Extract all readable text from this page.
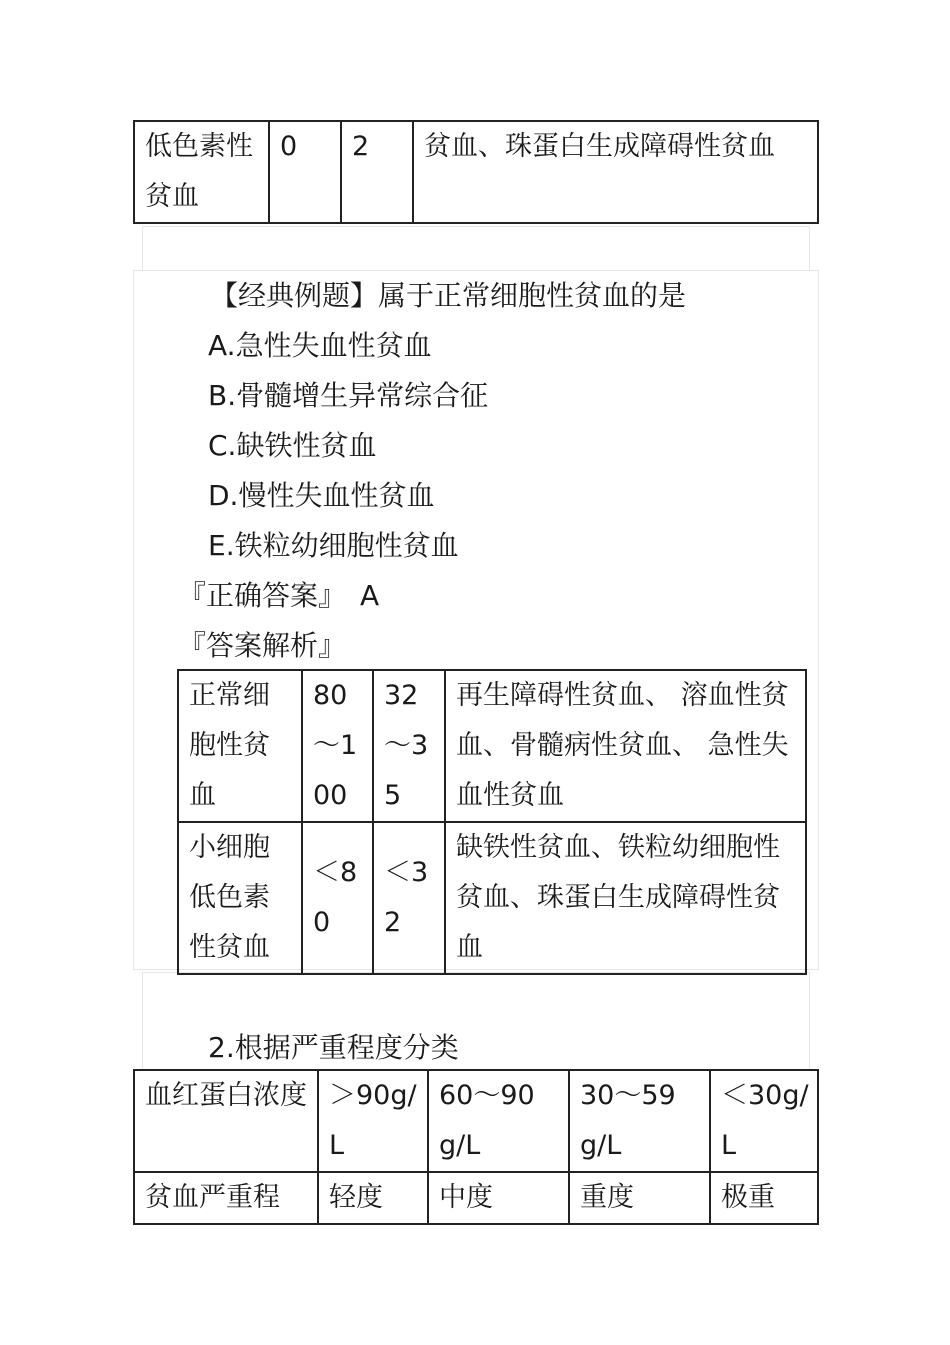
低色素性贫血	0	2	贫血、珠蛋白生成障碍性贫血
【经典例题】属于正常细胞性贫血的是
A.急性失血性贫血
B.骨髓增生异常综合征
C.缺铁性贫血
D.慢性失血性贫血
E.铁粒幼细胞性贫血
『正确答案』 A
『答案解析』
正常细胞性贫血	80～100	32～35	再生障碍性贫血、 溶血性贫血、骨髓病性贫血、 急性失血性贫血
小细胞低色素性贫血	＜80	＜32	缺铁性贫血、铁粒幼细胞性贫血、珠蛋白生成障碍性贫血
2.根据严重程度分类
血红蛋白浓度	＞90g/L	60～90g/L	30～59g/L	＜30g/L
贫血严重程	轻度	中度	重度	极重
